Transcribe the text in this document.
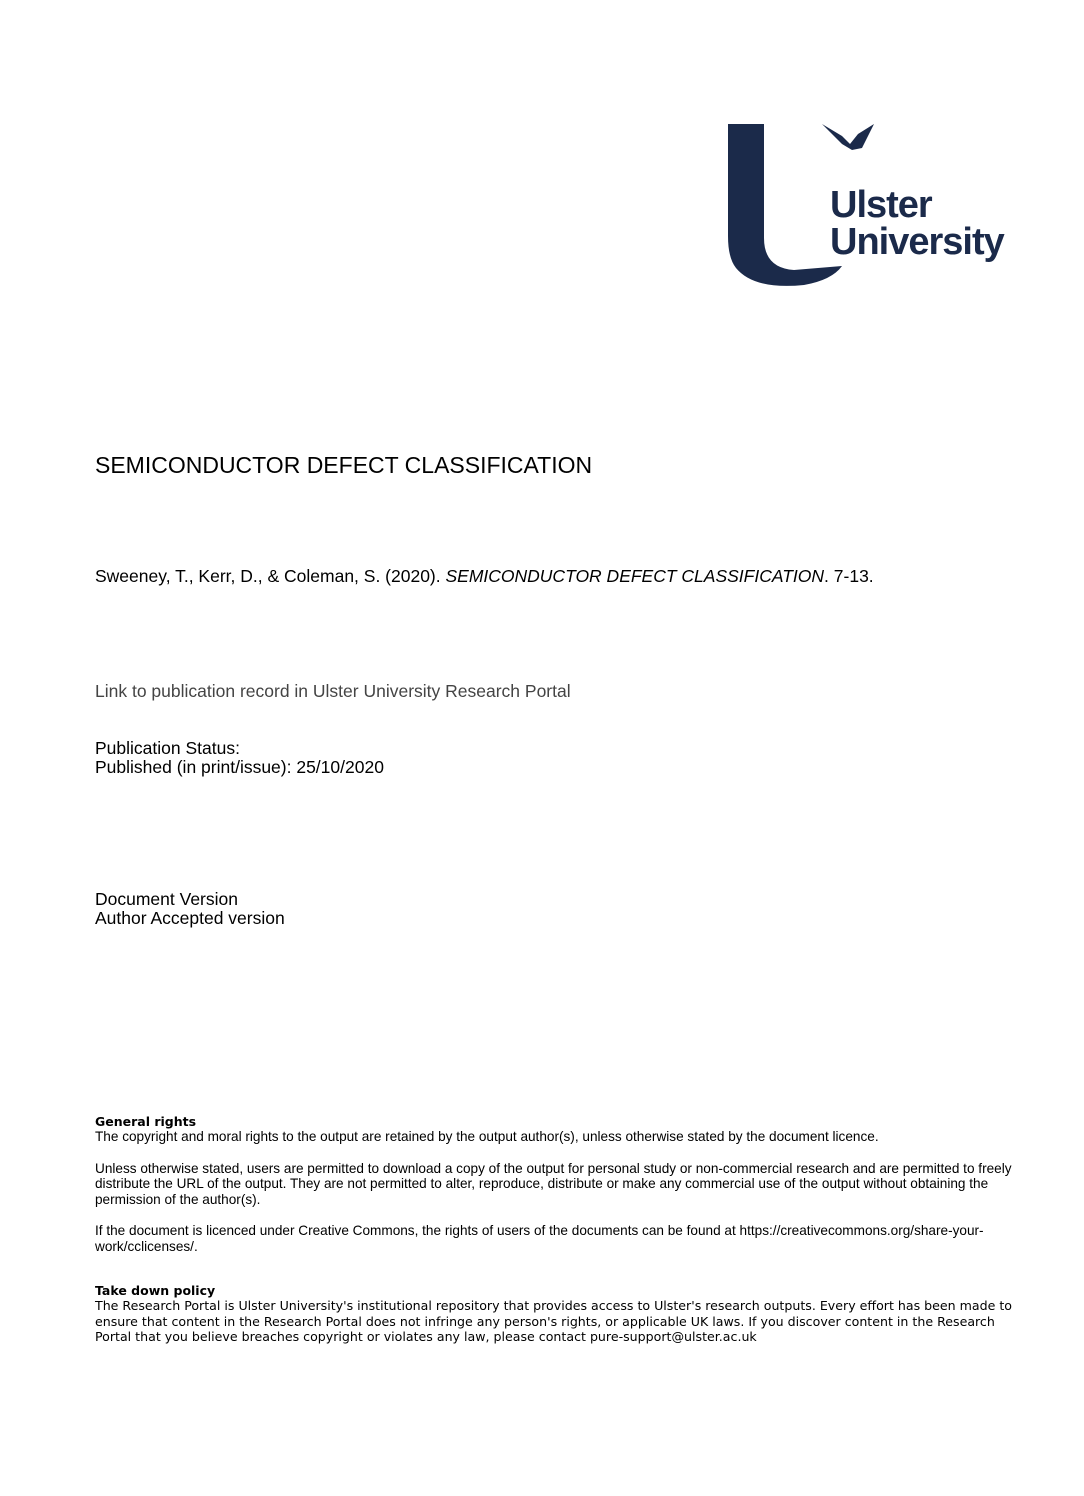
Ulster
University
SEMICONDUCTOR DEFECT CLASSIFICATION
Sweeney, T., Kerr, D., & Coleman, S. (2020). SEMICONDUCTOR DEFECT CLASSIFICATION. 7-13.
Link to publication record in Ulster University Research Portal
Publication Status:
Published (in print/issue): 25/10/2020
Document Version
Author Accepted version

General rights

The copyright and moral rights to the output are retained by the output author(s), unless otherwise stated by the document licence.

Unless otherwise stated, users are permitted to download a copy of the output for personal study or non-commercial research and are permitted to freely distribute the URL of the output. They are not permitted to alter, reproduce, distribute or make any commercial use of the output without obtaining the permission of the author(s).

If the document is licenced under Creative Commons, the rights of users of the documents can be found at https://creativecommons.org/share-your-work/cclicenses/.

Take down policy

The Research Portal is Ulster University's institutional repository that provides access to Ulster's research outputs. Every effort has been made to ensure that content in the Research Portal does not infringe any person's rights, or applicable UK laws. If you discover content in the Research Portal that you believe breaches copyright or violates any law, please contact pure-support@ulster.ac.uk
